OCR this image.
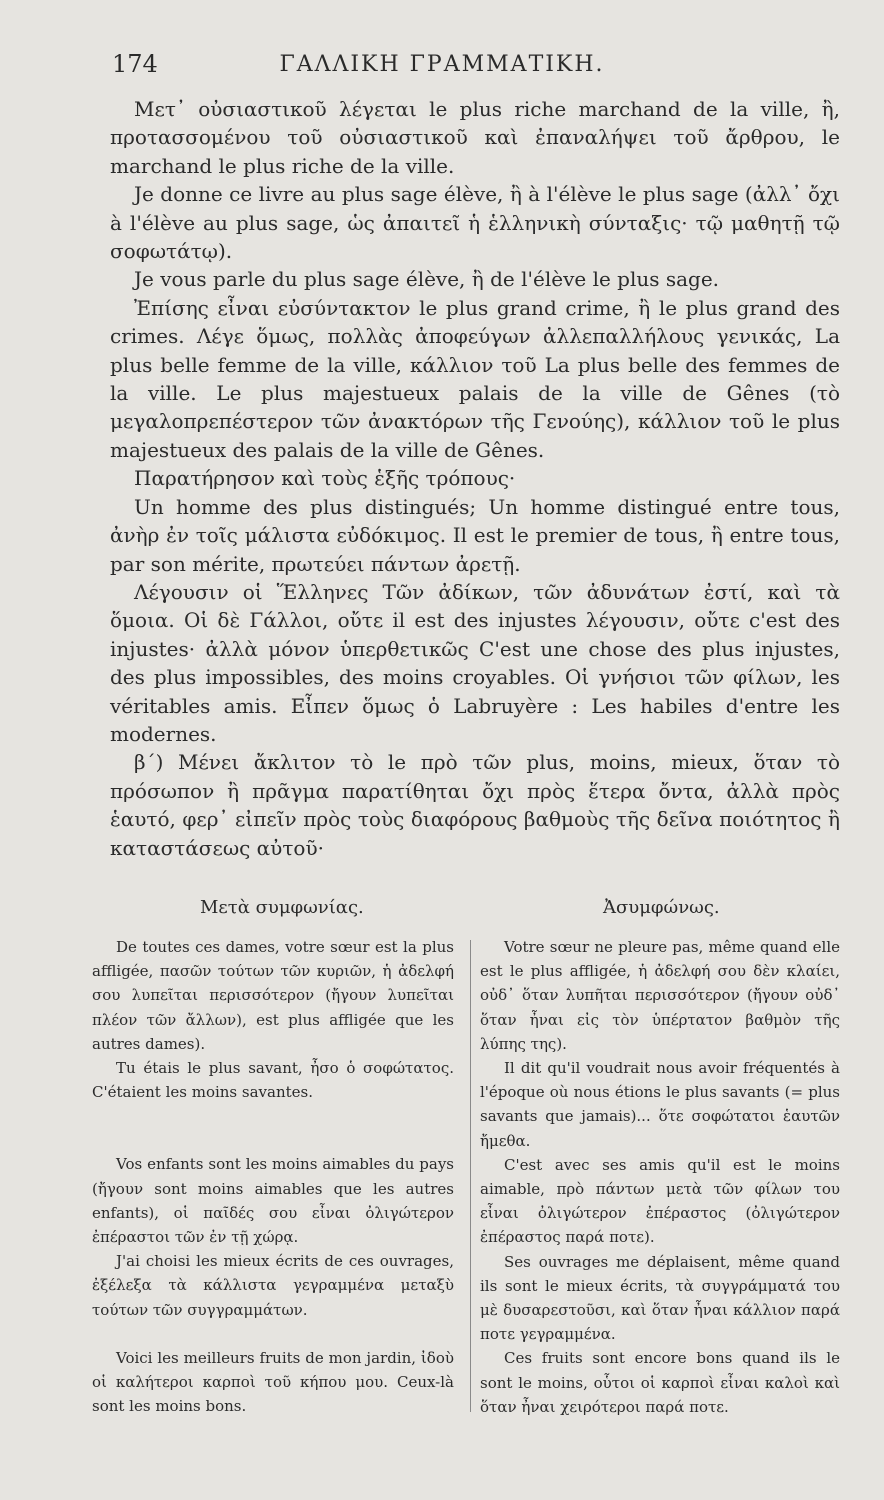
174	ΓΑΛΛΙΚΗ ΓΡΑΜΜΑΤΙΚΗ.

Μετ᾽ οὐσιαστικοῦ λέγεται le plus riche marchand de la ville, ἢ, προτασσομένου τοῦ οὐσιαστικοῦ καὶ ἐπαναλήψει τοῦ ἄρθρου, le marchand le plus riche de la ville.

Je donne ce livre au plus sage élève, ἢ à l'élève le plus sage (ἀλλ᾽ ὄχι à l'élève au plus sage, ὡς ἀπαιτεῖ ἡ ἑλληνικὴ σύνταξις· τῷ μαθητῇ τῷ σοφωτάτῳ).

Je vous parle du plus sage élève, ἢ de l'élève le plus sage.

Ἐπίσης εἶναι εὐσύντακτον le plus grand crime, ἢ le plus grand des crimes. Λέγε ὅμως, πολλὰς ἀποφεύγων ἀλλεπαλλήλους γενικάς, La plus belle femme de la ville, κάλλιον τοῦ La plus belle des femmes de la ville. Le plus majestueux palais de la ville de Gênes (τὸ μεγαλοπρεπέστερον τῶν ἀνακτόρων τῆς Γενούης), κάλλιον τοῦ le plus majestueux des palais de la ville de Gênes.

Παρατήρησον καὶ τοὺς ἑξῆς τρόπους·

Un homme des plus distingués; Un homme distingué entre tous, ἀνὴρ ἐν τοῖς μάλιστα εὐδόκιμος. Il est le premier de tous, ἢ entre tous, par son mérite, πρωτεύει πάντων ἀρετῇ.

Λέγουσιν οἱ Ἕλληνες Τῶν ἀδίκων, τῶν ἀδυνάτων ἐστί, καὶ τὰ ὅμοια. Οἱ δὲ Γάλλοι, οὔτε il est des injustes λέγουσιν, οὔτε c'est des injustes· ἀλλὰ μόνον ὑπερθετικῶς C'est une chose des plus injustes, des plus impossibles, des moins croyables. Οἱ γνήσιοι τῶν φίλων, les véritables amis. Εἶπεν ὅμως ὁ Labruyère : Les habiles d'entre les modernes.

β´) Μένει ἄκλιτον τὸ le πρὸ τῶν plus, moins, mieux, ὅταν τὸ πρόσωπον ἢ πρᾶγμα παρατίθηται ὄχι πρὸς ἕτερα ὄντα, ἀλλὰ πρὸς ἑαυτό, φερ᾽ εἰπεῖν πρὸς τοὺς διαφόρους βαθμοὺς τῆς δεῖνα ποιότητος ἢ καταστάσεως αὐτοῦ·

Μετὰ συμφωνίας.	Ἀσυμφώνως.

De toutes ces dames, votre sœur est la plus affligée, πασῶν τούτων τῶν κυριῶν, ἡ ἀδελφή σου λυπεῖται περισσότερον (ἤγουν λυπεῖται πλέον τῶν ἄλλων), est plus affligée que les autres dames).

Tu étais le plus savant, ἦσο ὁ σοφώτατος. C'étaient les moins savantes.

Vos enfants sont les moins aimables du pays (ἤγουν sont moins aimables que les autres enfants), οἱ παῖδές σου εἶναι ὀλιγώτερον ἐπέραστοι τῶν ἐν τῇ χώρᾳ.

J'ai choisi les mieux écrits de ces ouvrages, ἐξέλεξα τὰ κάλλιστα γεγραμμένα μεταξὺ τούτων τῶν συγγραμμάτων.

Voici les meilleurs fruits de mon jardin, ἰδοὺ οἱ καλήτεροι καρποὶ τοῦ κήπου μου. Ceux-là sont les moins bons.

Votre sœur ne pleure pas, même quand elle est le plus affligée, ἡ ἀδελφή σου δὲν κλαίει, οὐδ᾽ ὅταν λυπῆται περισσότερον (ἤγουν οὐδ᾽ ὅταν ἦναι εἰς τὸν ὑπέρτατον βαθμὸν τῆς λύπης της).

Il dit qu'il voudrait nous avoir fréquentés à l'époque où nous étions le plus savants (= plus savants que jamais)... ὅτε σοφώτατοι ἑαυτῶν ἤμεθα.

C'est avec ses amis qu'il est le moins aimable, πρὸ πάντων μετὰ τῶν φίλων του εἶναι ὀλιγώτερον ἐπέραστος (ὀλιγώτερον ἐπέραστος παρά ποτε).

Ses ouvrages me déplaisent, même quand ils sont le mieux écrits, τὰ συγγράμματά του μὲ δυσαρεστοῦσι, καὶ ὅταν ἦναι κάλλιον παρά ποτε γεγραμμένα.

Ces fruits sont encore bons quand ils le sont le moins, οὗτοι οἱ καρποὶ εἶναι καλοὶ καὶ ὅταν ἦναι χειρότεροι παρά ποτε.
